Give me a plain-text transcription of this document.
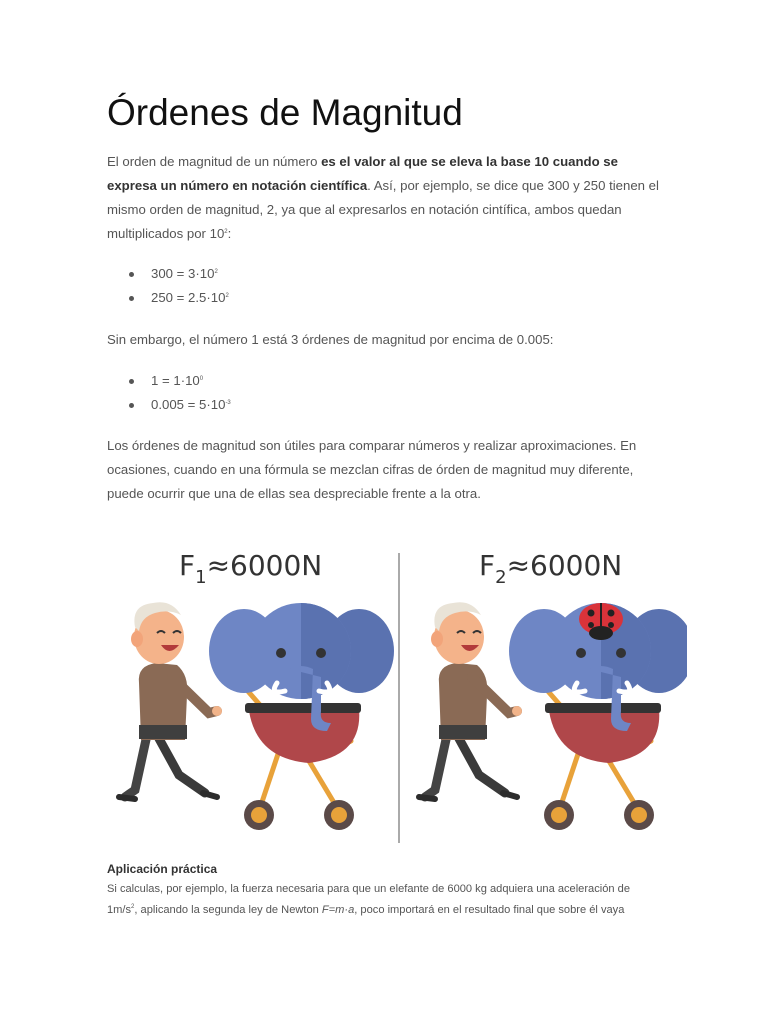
Órdenes de Magnitud

El orden de magnitud de un número es el valor al que se eleva la base 10 cuando se expresa un número en notación científica. Así, por ejemplo, se dice que 300 y 250 tienen el mismo orden de magnitud, 2, ya que al expresarlos en notación cintífica, ambos quedan multiplicados por $10^2$:

$300 = 3\cdot 10^2$
$250 = 2.5\cdot 10^2$

Sin embargo, el número 1 está 3 órdenes de magnitud por encima de 0.005:

$1 = 1\cdot 10^0$
$0.005 = 5\cdot 10^{-3}$

Los órdenes de magnitud son útiles para comparar números y realizar aproximaciones. En ocasiones, cuando en una fórmula se mezclan cifras de órden de magnitud muy diferente, puede ocurrir que una de ellas sea despreciable frente a la otra.

$F_1\approx 6000N$	$F_2\approx 6000N$

Aplicación práctica

Si calculas, por ejemplo, la fuerza necesaria para que un elefante de 6000 kg adquiera una aceleración de $1m/s^2$, aplicando la segunda ley de Newton F=m·a, poco importará en el resultado final que sobre él vaya
